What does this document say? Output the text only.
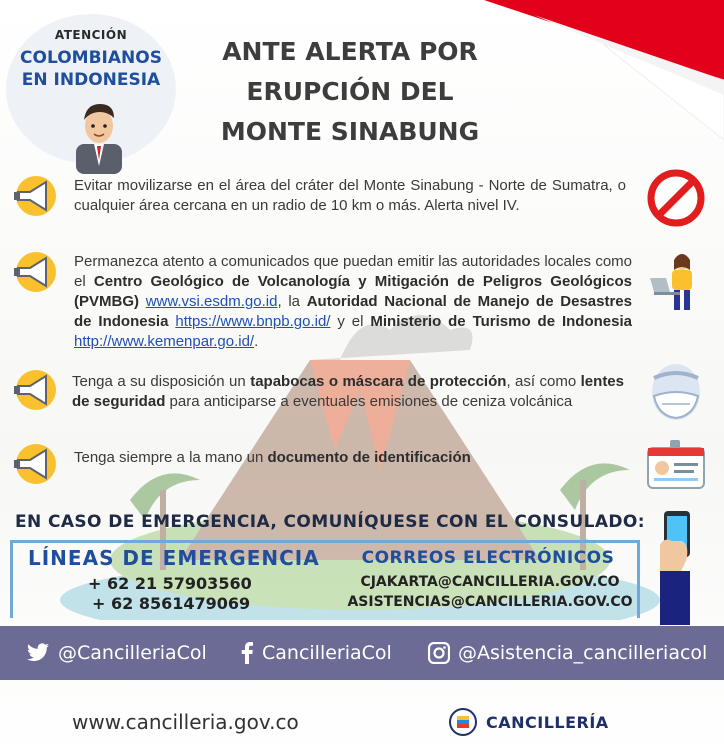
ATENCIÓN
COLOMBIANOS
EN INDONESIA
ANTE ALERTA POR
ERUPCIÓN DEL
MONTE SINABUNG
Evitar movilizarse en el área del cráter del Monte Sinabung - Norte de Sumatra, o cualquier área cercana en un radio de 10 km o más. Alerta nivel IV.
Permanezca atento a comunicados que puedan emitir las autoridades locales como el Centro Geológico de Volcanología y Mitigación de Peligros Geológicos (PVMBG) www.vsi.esdm.go.id, la Autoridad Nacional de Manejo de Desastres de Indonesia https://www.bnpb.go.id/ y el Ministerio de Turismo de Indonesia http://www.kemenpar.go.id/.
Tenga a su disposición un tapabocas o máscara de protección, así como lentes de seguridad para anticiparse a eventuales emisiones de ceniza volcánica
Tenga siempre a la mano un documento de identificación
EN CASO DE EMERGENCIA, COMUNÍQUESE CON EL CONSULADO:
LÍNEAS DE EMERGENCIA
+ 62 21 57903560
+ 62 8561479069
CORREOS ELECTRÓNICOS
CJAKARTA@CANCILLERIA.GOV.CO
ASISTENCIAS@CANCILLERIA.GOV.CO
@CancilleriaCol	CancilleriaCol	@Asistencia_cancilleriacol
www.cancilleria.gov.co	CANCILLERÍA
